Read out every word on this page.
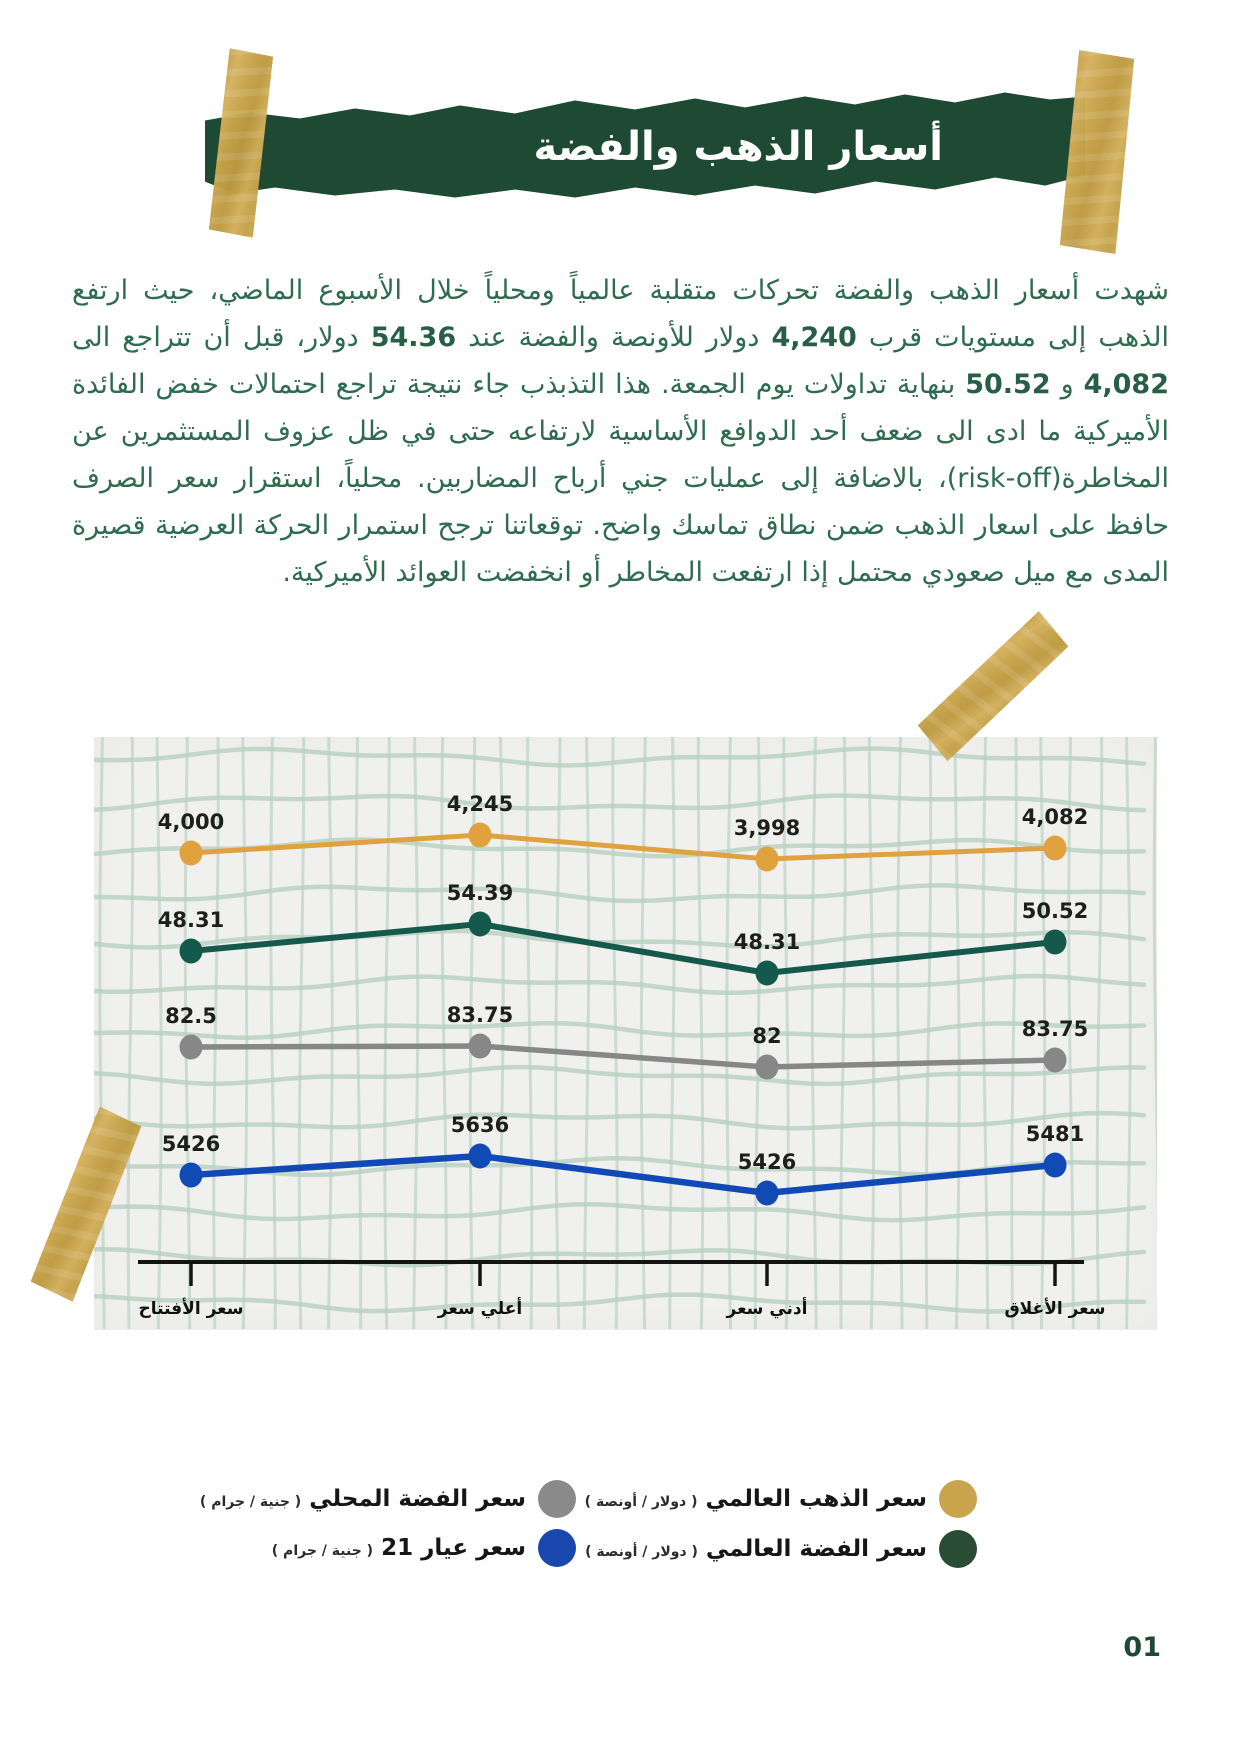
أسعار الذهب والفضة

شهدت أسعار الذهب والفضة تحركات متقلبة عالمياً ومحلياً خلال الأسبوع الماضي، حيث ارتفع الذهب إلى مستويات قرب 4,240 دولار للأونصة والفضة عند 54.36 دولار، قبل أن تتراجع الى 4,082 و 50.52 بنهاية تداولات يوم الجمعة. هذا التذبذب جاء نتيجة تراجع احتمالات خفض الفائدة الأميركية ما ادى الى ضعف أحد الدوافع الأساسية لارتفاعه حتى في ظل عزوف المستثمرين عن المخاطرة(risk-off)، بالاضافة إلى عمليات جني أرباح المضاربين. محلياً، استقرار سعر الصرف حافظ على اسعار الذهب ضمن نطاق تماسك واضح. توقعاتنا ترجح استمرار الحركة العرضية قصيرة المدى مع ميل صعودي محتمل إذا ارتفعت المخاطر أو انخفضت العوائد الأميركية.

4,000
4,245
3,998	4,082
48.31
54.39
48.31
50.52
82.5	83.75
82	83.75
5426
5636
5426
5481
سعر الأفتتاح	أعلي سعر	أدني سعر	سعر الأغلاق
سعر الذهب العالمي ( دولار / أونصة )
سعر الفضة العالمي ( دولار / أونصة )
سعر الفضة المحلي ( جنية / جرام )
سعر عيار 21 ( جنية / جرام )
01
